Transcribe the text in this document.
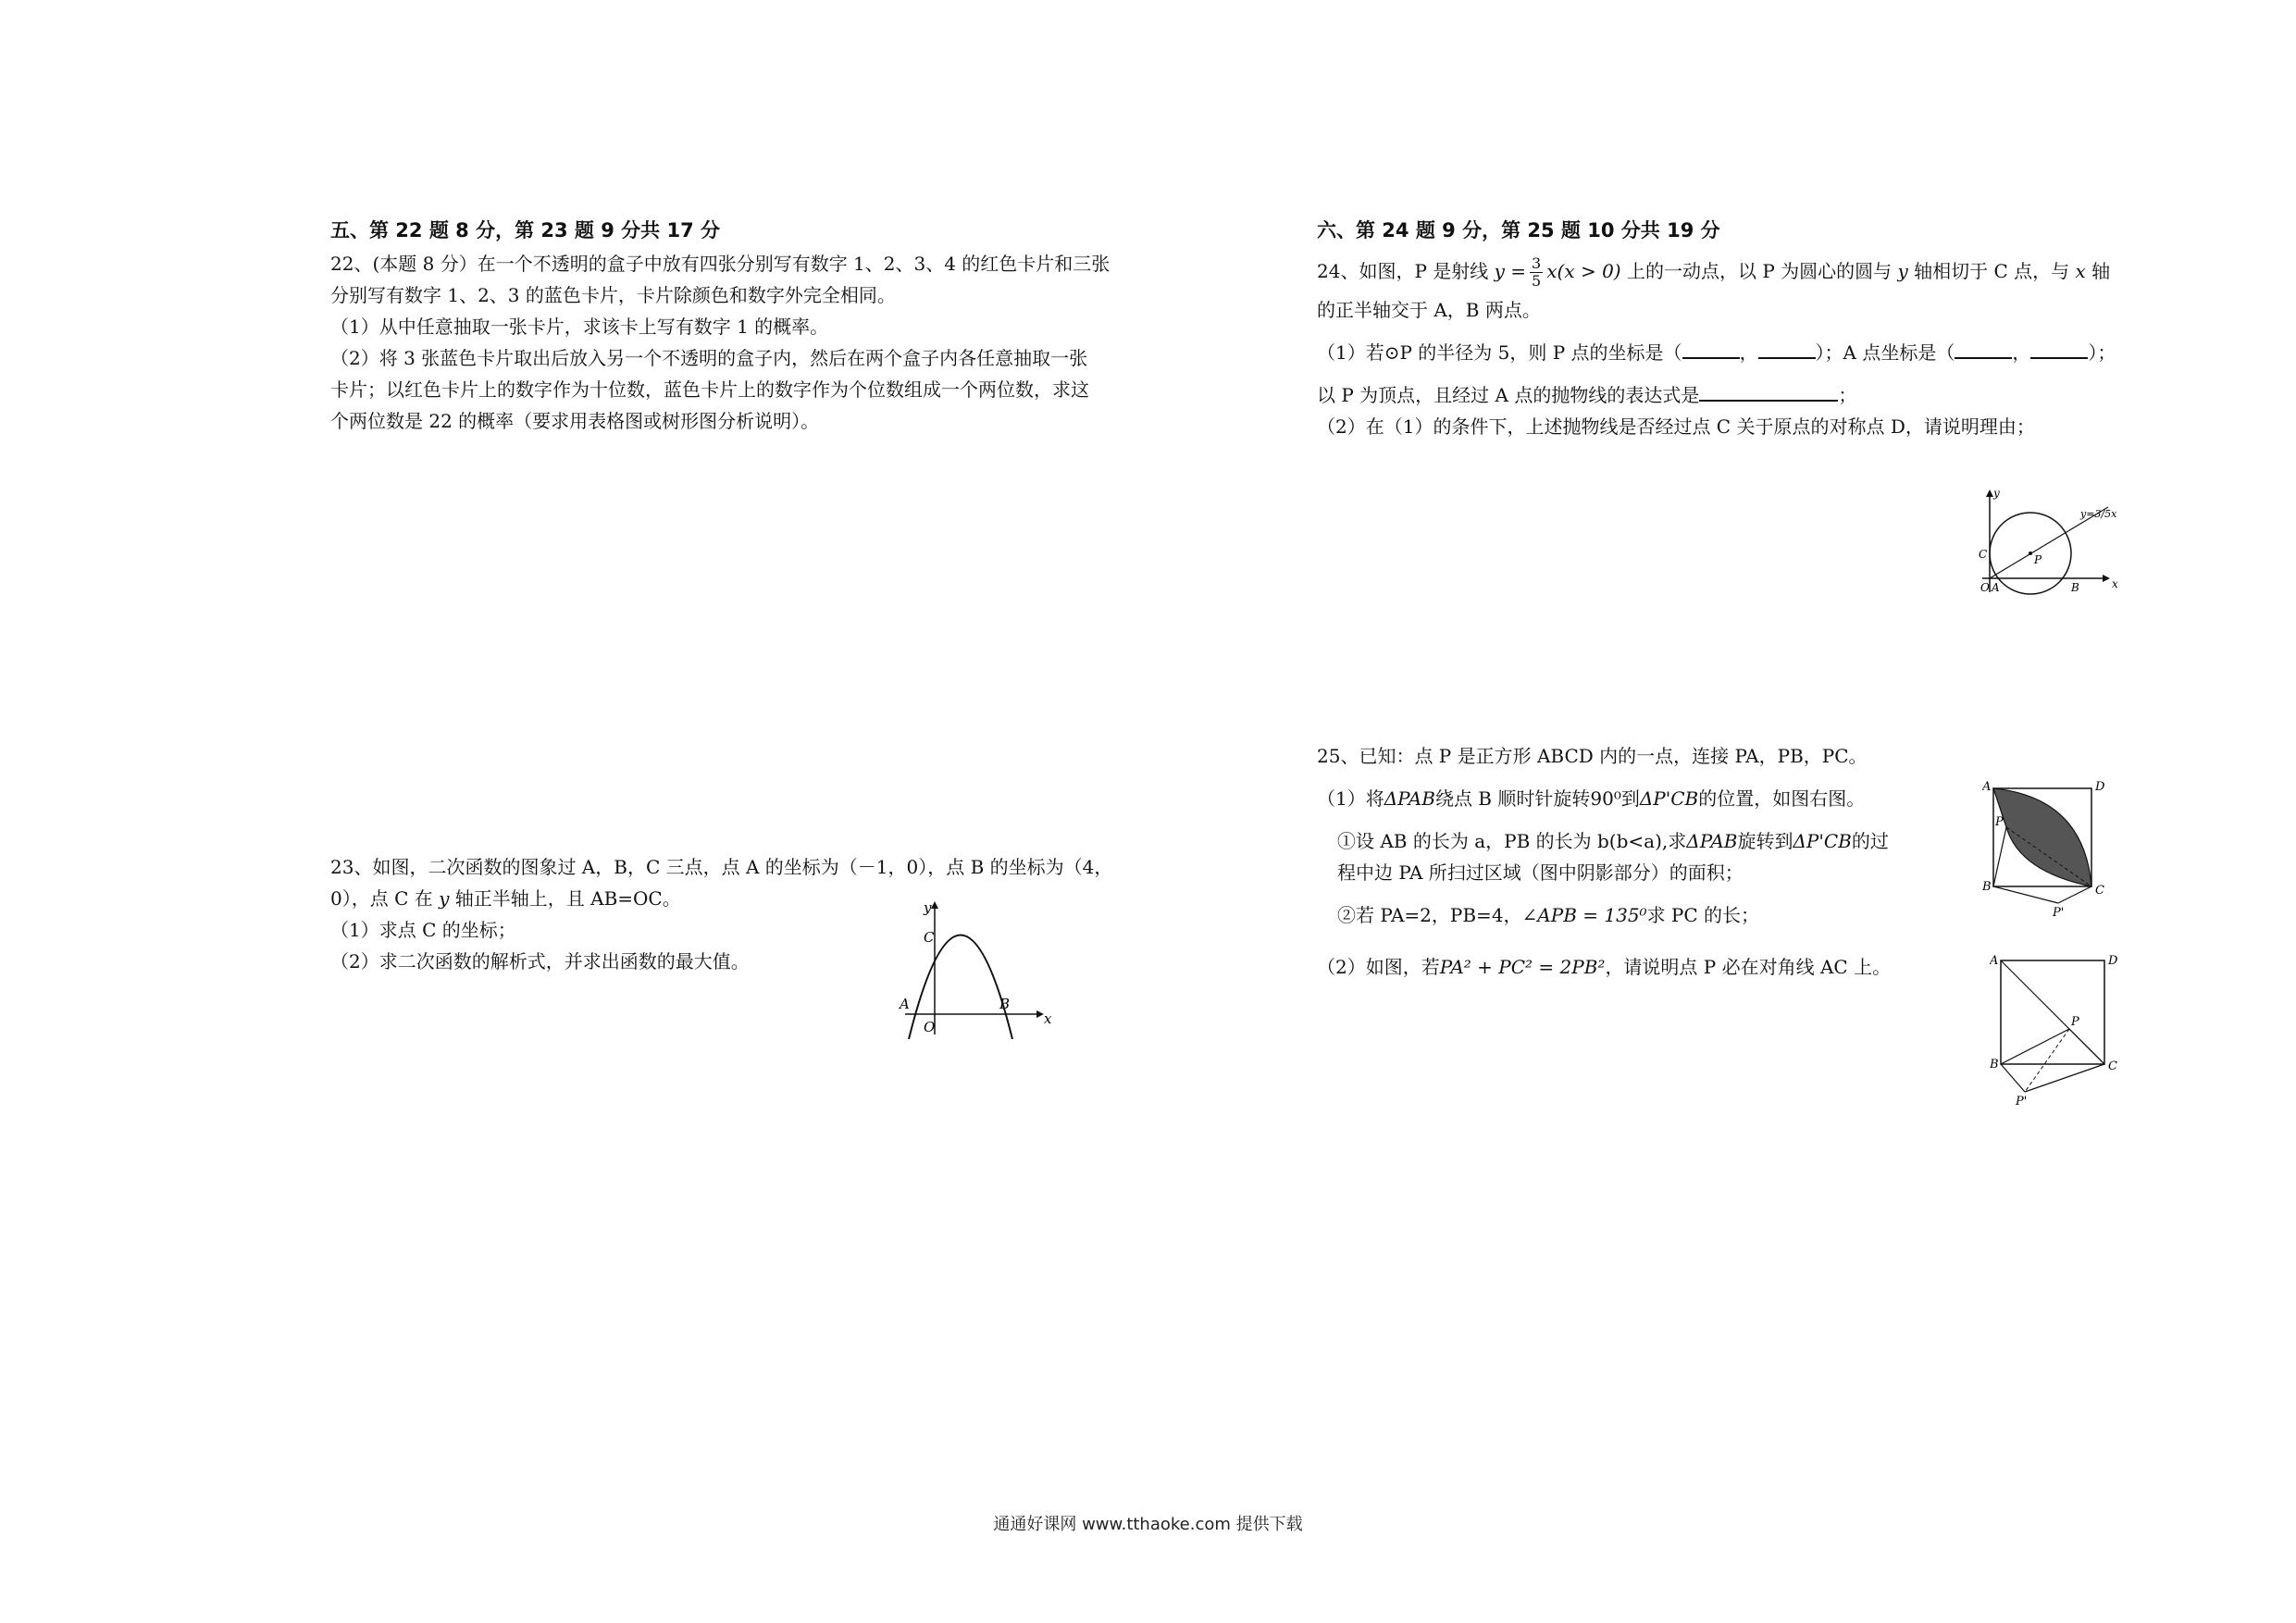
五、第 22 题 8 分，第 23 题 9 分共 17 分
22、(本题 8 分）在一个不透明的盒子中放有四张分别写有数字 1、2、3、4 的红色卡片和三张
分别写有数字 1、2、3 的蓝色卡片，卡片除颜色和数字外完全相同。
（1）从中任意抽取一张卡片，求该卡上写有数字 1 的概率。
（2）将 3 张蓝色卡片取出后放入另一个不透明的盒子内，然后在两个盒子内各任意抽取一张
卡片；以红色卡片上的数字作为十位数，蓝色卡片上的数字作为个位数组成一个两位数，求这
个两位数是 22 的概率（要求用表格图或树形图分析说明）。
23、如图，二次函数的图象过 A，B，C 三点，点 A 的坐标为（－1，0），点 B 的坐标为（4，
0），点 C 在 y 轴正半轴上，且 AB=OC。
（1）求点 C 的坐标；
（2）求二次函数的解析式，并求出函数的最大值。
y
x
C
A
O
B
六、第 24 题 9 分，第 25 题 10 分共 19 分
24、如图，P 是射线 $y = \frac{3}{5} x(x > 0)$ 上的一动点，以 P 为圆心的圆与 y 轴相切于 C 点，与 x 轴
的正半轴交于 A，B 两点。
（1）若⊙P 的半径为 5，则 P 点的坐标是（	，	）；A 点坐标是（	，	）；
以 P 为顶点，且经过 A 点的抛物线的表达式是	；
（2）在（1）的条件下，上述抛物线是否经过点 C 关于原点的对称点 D，请说明理由；
y
x
C	P
O A	B
y=3/5x
25、已知：点 P 是正方形 ABCD 内的一点，连接 PA，PB，PC。
（1）将ΔPAB绕点 B 顺时针旋转90⁰到ΔP'CB的位置，如图右图。
①设 AB 的长为 a，PB 的长为 b(b<a),求ΔPAB旋转到ΔP'CB的过
程中边 PA 所扫过区域（图中阴影部分）的面积；
②若 PA=2，PB=4，∠APB = 135⁰求 PC 的长；
（2）如图，若PA² + PC² = 2PB²，请说明点 P 必在对角线 AC 上。
A	D
P
B	C
P'
A	D
P
B	C
P'
通通好课网 www.tthaoke.com 提供下载
